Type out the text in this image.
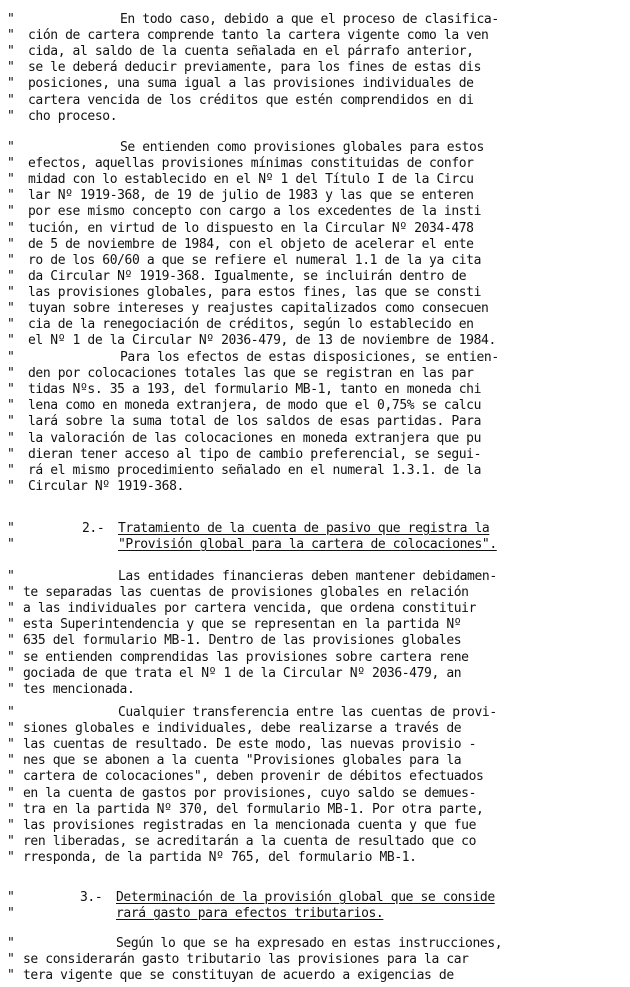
"	En todo caso, debido a que el proceso de clasifica-
" ción de cartera comprende tanto la cartera vigente como la ven
" cida, al saldo de la cuenta señalada en el párrafo anterior,
" se le deberá deducir previamente, para los fines de estas dis
" posiciones, una suma igual a las provisiones individuales de
" cartera vencida de los créditos que estén comprendidos en di
" cho proceso.
"	Se entienden como provisiones globales para estos
" efectos, aquellas provisiones mínimas constituidas de confor
" midad con lo establecido en el Nº 1 del Título I de la Circu
" lar Nº 1919-368, de 19 de julio de 1983 y las que se enteren
" por ese mismo concepto con cargo a los excedentes de la insti
" tución, en virtud de lo dispuesto en la Circular Nº 2034-478
" de 5 de noviembre de 1984, con el objeto de acelerar el ente
" ro de los 60/60 a que se refiere el numeral 1.1 de la ya cita
" da Circular Nº 1919-368. Igualmente, se incluirán dentro de
" las provisiones globales, para estos fines, las que se consti
" tuyan sobre intereses y reajustes capitalizados como consecuen
" cia de la renegociación de créditos, según lo establecido en
" el Nº 1 de la Circular Nº 2036-479, de 13 de noviembre de 1984.
"	Para los efectos de estas disposiciones, se entien-
" den por colocaciones totales las que se registran en las par
" tidas Nºs. 35 a 193, del formulario MB-1, tanto en moneda chi
" lena como en moneda extranjera, de modo que el 0,75% se calcu
" lará sobre la suma total de los saldos de esas partidas. Para
" la valoración de las colocaciones en moneda extranjera que pu
" dieran tener acceso al tipo de cambio preferencial, se segui-
" rá el mismo procedimiento señalado en el numeral 1.3.1. de la
" Circular Nº 1919-368.
"	2.- Tratamiento de la cuenta de pasivo que registra la
"	"Provisión global para la cartera de colocaciones".
"	Las entidades financieras deben mantener debidamen-
" te separadas las cuentas de provisiones globales en relación
" a las individuales por cartera vencida, que ordena constituir
" esta Superintendencia y que se representan en la partida Nº
" 635 del formulario MB-1. Dentro de las provisiones globales
" se entienden comprendidas las provisiones sobre cartera rene
" gociada de que trata el Nº 1 de la Circular Nº 2036-479, an
" tes mencionada.
"	Cualquier transferencia entre las cuentas de provi-
" siones globales e individuales, debe realizarse a través de
" las cuentas de resultado. De este modo, las nuevas provisio -
" nes que se abonen a la cuenta "Provisiones globales para la
" cartera de colocaciones", deben provenir de débitos efectuados
" en la cuenta de gastos por provisiones, cuyo saldo se demues-
" tra en la partida Nº 370, del formulario MB-1. Por otra parte,
" las provisiones registradas en la mencionada cuenta y que fue
" ren liberadas, se acreditarán a la cuenta de resultado que co
" rresponda, de la partida Nº 765, del formulario MB-1.
"	3.- Determinación de la provisión global que se conside
"	rará gasto para efectos tributarios.
"	Según lo que se ha expresado en estas instrucciones,
" se considerarán gasto tributario las provisiones para la car
" tera vigente que se constituyan de acuerdo a exigencias de
